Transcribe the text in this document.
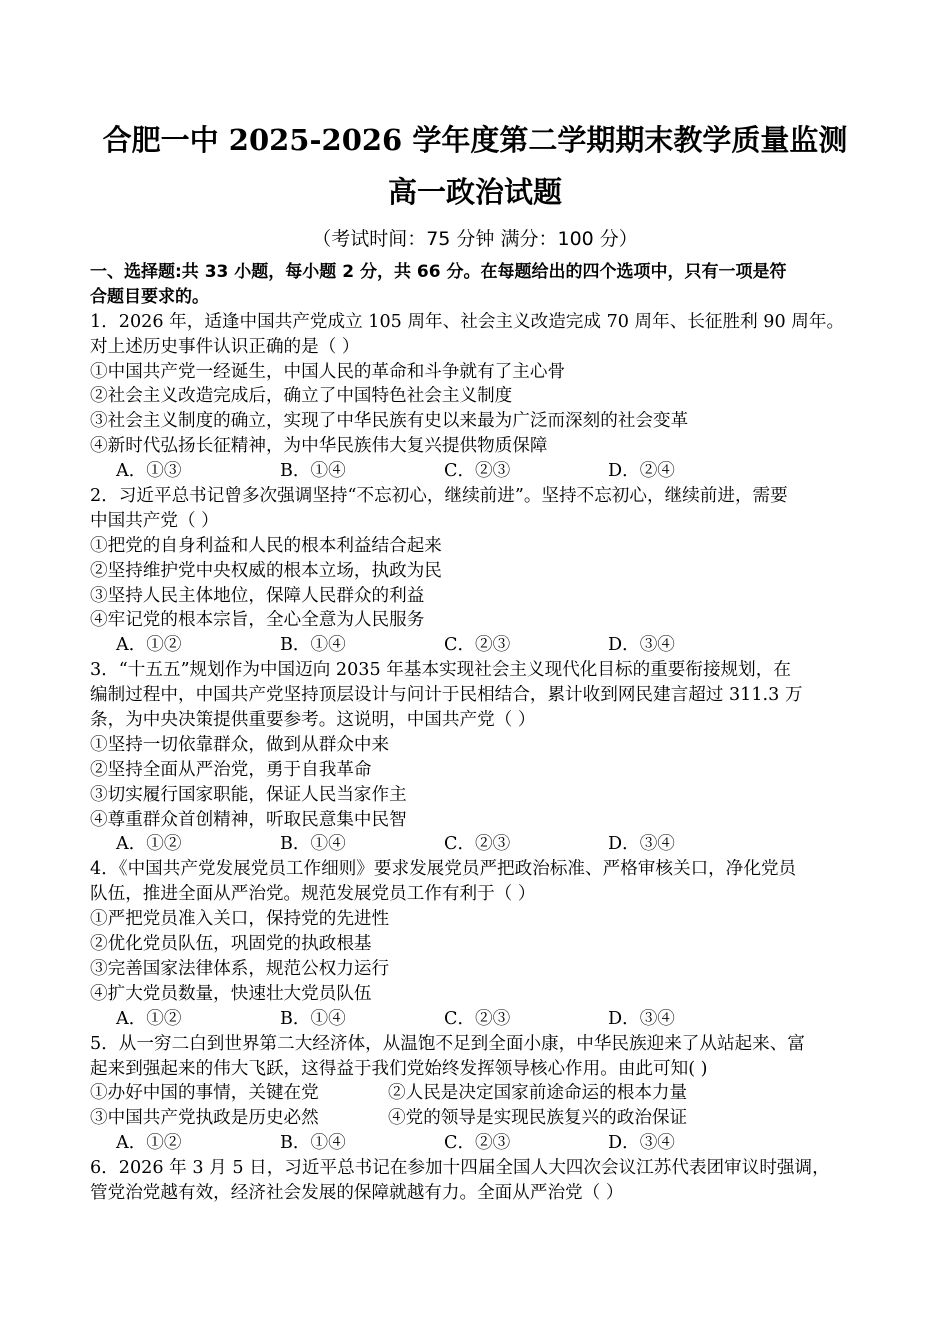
合肥一中 2025-2026 学年度第二学期期末教学质量监测
高一政治试题
（考试时间：75 分钟 满分：100 分）
一、选择题:共 33 小题，每小题 2 分，共 66 分。在每题给出的四个选项中，只有一项是符
合题目要求的。
1．2026 年，适逢中国共产党成立 105 周年、社会主义改造完成 70 周年、长征胜利 90 周年。
对上述历史事件认识正确的是（ ）
①中国共产党一经诞生，中国人民的革命和斗争就有了主心骨
②社会主义改造完成后，确立了中国特色社会主义制度
③社会主义制度的确立，实现了中华民族有史以来最为广泛而深刻的社会变革
④新时代弘扬长征精神，为中华民族伟大复兴提供物质保障
A．①③	B．①④	C．②③	D．②④
2．习近平总书记曾多次强调坚持“不忘初心，继续前进”。坚持不忘初心，继续前进，需要
中国共产党（ ）
①把党的自身利益和人民的根本利益结合起来
②坚持维护党中央权威的根本立场，执政为民
③坚持人民主体地位，保障人民群众的利益
④牢记党的根本宗旨，全心全意为人民服务
A．①②	B．①④	C．②③	D．③④
3．“十五五”规划作为中国迈向 2035 年基本实现社会主义现代化目标的重要衔接规划，在
编制过程中，中国共产党坚持顶层设计与问计于民相结合，累计收到网民建言超过 311.3 万
条，为中央决策提供重要参考。这说明，中国共产党（ ）
①坚持一切依靠群众，做到从群众中来
②坚持全面从严治党，勇于自我革命
③切实履行国家职能，保证人民当家作主
④尊重群众首创精神，听取民意集中民智
A．①②	B．①④	C．②③	D．③④
4．《中国共产党发展党员工作细则》要求发展党员严把政治标准、严格审核关口，净化党员
队伍，推进全面从严治党。规范发展党员工作有利于（ ）
①严把党员准入关口，保持党的先进性
②优化党员队伍，巩固党的执政根基
③完善国家法律体系，规范公权力运行
④扩大党员数量，快速壮大党员队伍
A．①②	B．①④	C．②③	D．③④
5．从一穷二白到世界第二大经济体，从温饱不足到全面小康，中华民族迎来了从站起来、富
起来到强起来的伟大飞跃，这得益于我们党始终发挥领导核心作用。由此可知( )
①办好中国的事情，关键在党	②人民是决定国家前途命运的根本力量
③中国共产党执政是历史必然	④党的领导是实现民族复兴的政治保证
A．①②	B．①④	C．②③	D．③④
6．2026 年 3 月 5 日，习近平总书记在参加十四届全国人大四次会议江苏代表团审议时强调，
管党治党越有效，经济社会发展的保障就越有力。全面从严治党（ ）
